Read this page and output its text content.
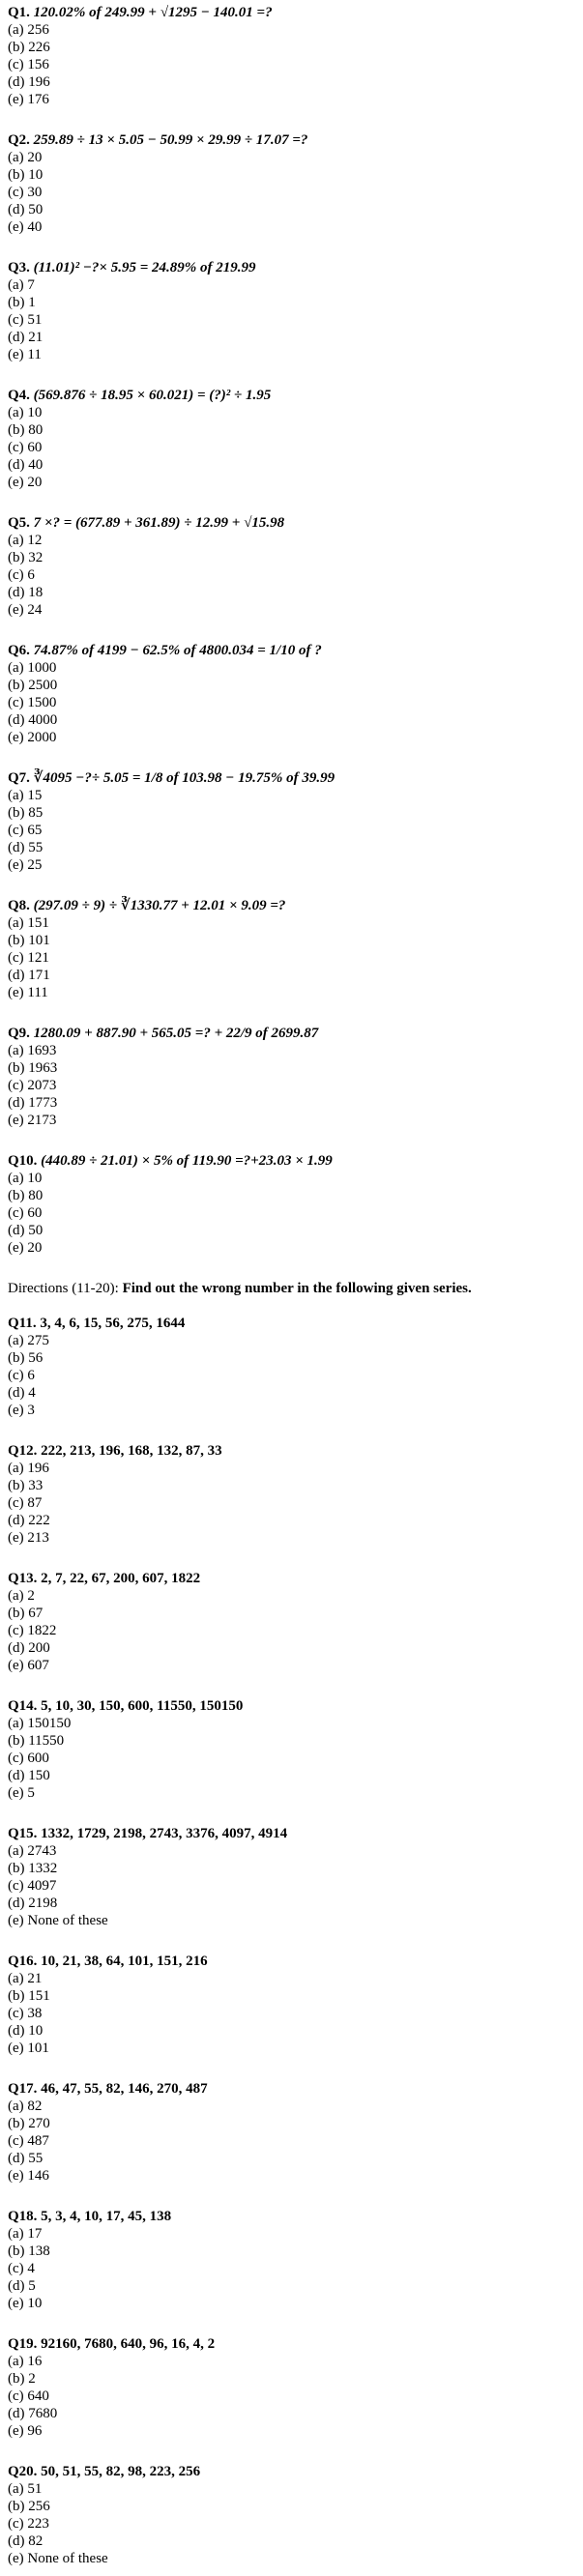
Q1. 120.02% of 249.99 + √1295 − 140.01 =?
(a) 256
(b) 226
(c) 156
(d) 196
(e) 176
Q2. 259.89 ÷ 13 × 5.05 − 50.99 × 29.99 ÷ 17.07 =?
(a) 20
(b) 10
(c) 30
(d) 50
(e) 40
Q3. (11.01)² −?× 5.95 = 24.89% of 219.99
(a) 7
(b) 1
(c) 51
(d) 21
(e) 11
Q4. (569.876 ÷ 18.95 × 60.021) = (?)² ÷ 1.95
(a) 10
(b) 80
(c) 60
(d) 40
(e) 20
Q5. 7 ×? = (677.89 + 361.89) ÷ 12.99 + √15.98
(a) 12
(b) 32
(c) 6
(d) 18
(e) 24
Q6. 74.87% of 4199 − 62.5% of 4800.034 = 1/10 of ?
(a) 1000
(b) 2500
(c) 1500
(d) 4000
(e) 2000
Q7. ∛4095 −?÷ 5.05 = 1/8 of 103.98 − 19.75% of 39.99
(a) 15
(b) 85
(c) 65
(d) 55
(e) 25
Q8. (297.09 ÷ 9) ÷ ∛1330.77 + 12.01 × 9.09 =?
(a) 151
(b) 101
(c) 121
(d) 171
(e) 111
Q9. 1280.09 + 887.90 + 565.05 =? + 22/9 of 2699.87
(a) 1693
(b) 1963
(c) 2073
(d) 1773
(e) 2173
Q10. (440.89 ÷ 21.01) × 5% of 119.90 =?+23.03 × 1.99
(a) 10
(b) 80
(c) 60
(d) 50
(e) 20
Directions (11-20): Find out the wrong number in the following given series.
Q11. 3, 4, 6, 15, 56, 275, 1644
(a) 275
(b) 56
(c) 6
(d) 4
(e) 3
Q12. 222, 213, 196, 168, 132, 87, 33
(a) 196
(b) 33
(c) 87
(d) 222
(e) 213
Q13. 2, 7, 22, 67, 200, 607, 1822
(a) 2
(b) 67
(c) 1822
(d) 200
(e) 607
Q14. 5, 10, 30, 150, 600, 11550, 150150
(a) 150150
(b) 11550
(c) 600
(d) 150
(e) 5
Q15. 1332, 1729, 2198, 2743, 3376, 4097, 4914
(a) 2743
(b) 1332
(c) 4097
(d) 2198
(e) None of these
Q16. 10, 21, 38, 64, 101, 151, 216
(a) 21
(b) 151
(c) 38
(d) 10
(e) 101
Q17. 46, 47, 55, 82, 146, 270, 487
(a) 82
(b) 270
(c) 487
(d) 55
(e) 146
Q18. 5, 3, 4, 10, 17, 45, 138
(a) 17
(b) 138
(c) 4
(d) 5
(e) 10
Q19. 92160, 7680, 640, 96, 16, 4, 2
(a) 16
(b) 2
(c) 640
(d) 7680
(e) 96
Q20. 50, 51, 55, 82, 98, 223, 256
(a) 51
(b) 256
(c) 223
(d) 82
(e) None of these
